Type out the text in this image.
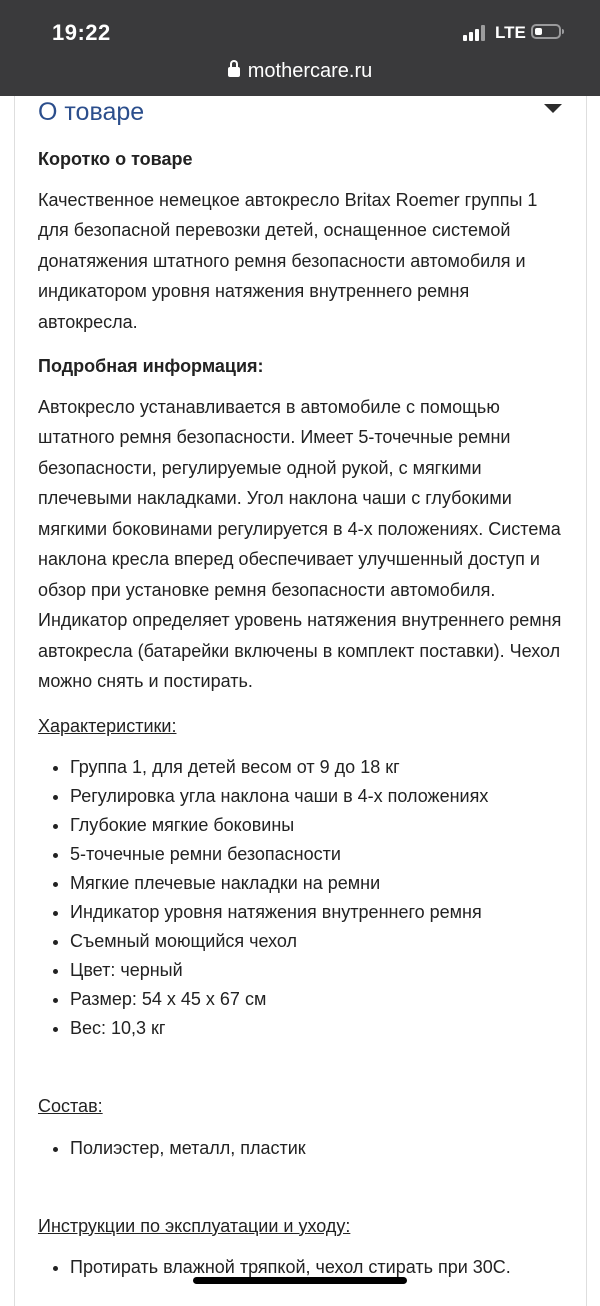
19:22	LTE
mothercare.ru
О товаре
Коротко о товаре

Качественное немецкое автокресло Britax Roemer группы 1 для безопасной перевозки детей, оснащенное системой донатяжения штатного ремня безопасности автомобиля и индикатором уровня натяжения внутреннего ремня автокресла.

Подробная информация:

Автокресло устанавливается в автомобиле с помощью штатного ремня безопасности. Имеет 5-точечные ремни безопасности, регулируемые одной рукой, с мягкими плечевыми накладками. Угол наклона чаши с глубокими мягкими боковинами регулируется в 4-х положениях. Система наклона кресла вперед обеспечивает улучшенный доступ и обзор при установке ремня безопасности автомобиля. Индикатор определяет уровень натяжения внутреннего ремня автокресла (батарейки включены в комплект поставки). Чехол можно снять и постирать.

Характеристики:
• Группа 1, для детей весом от 9 до 18 кг
• Регулировка угла наклона чаши в 4-х положениях
• Глубокие мягкие боковины
• 5-точечные ремни безопасности
• Мягкие плечевые накладки на ремни
• Индикатор уровня натяжения внутреннего ремня
• Съемный моющийся чехол
• Цвет: черный
• Размер: 54 х 45 х 67 см
• Вес: 10,3 кг
Состав:
• Полиэстер, металл, пластик
Инструкции по эксплуатации и уходу:
• Протирать влажной тряпкой, чехол стирать при 30С.
